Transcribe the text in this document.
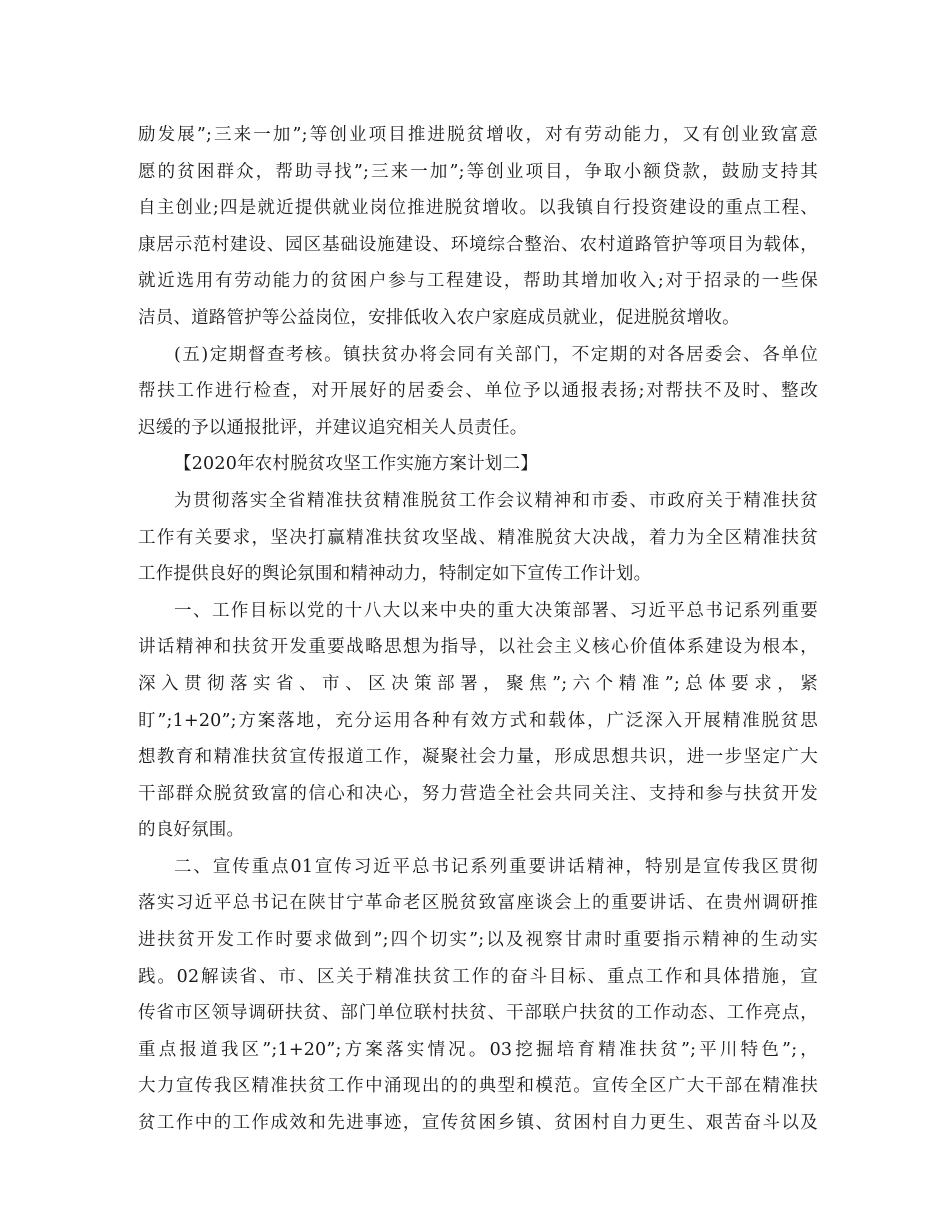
励发展”;三来一加”;等创业项目推进脱贫增收，对有劳动能力，又有创业致富意
愿的贫困群众，帮助寻找”;三来一加”;等创业项目，争取小额贷款，鼓励支持其
自主创业;四是就近提供就业岗位推进脱贫增收。以我镇自行投资建设的重点工程、
康居示范村建设、园区基础设施建设、环境综合整治、农村道路管护等项目为载体，
就近选用有劳动能力的贫困户参与工程建设，帮助其增加收入;对于招录的一些保
洁员、道路管护等公益岗位，安排低收入农户家庭成员就业，促进脱贫增收。
(五)定期督查考核。镇扶贫办将会同有关部门，不定期的对各居委会、各单位
帮扶工作进行检查，对开展好的居委会、单位予以通报表扬;对帮扶不及时、整改
迟缓的予以通报批评，并建议追究相关人员责任。
【2020年农村脱贫攻坚工作实施方案计划二】
为贯彻落实全省精准扶贫精准脱贫工作会议精神和市委、市政府关于精准扶贫
工作有关要求，坚决打赢精准扶贫攻坚战、精准脱贫大决战，着力为全区精准扶贫
工作提供良好的舆论氛围和精神动力，特制定如下宣传工作计划。
一、工作目标以党的十八大以来中央的重大决策部署、习近平总书记系列重要
讲话精神和扶贫开发重要战略思想为指导，以社会主义核心价值体系建设为根本，
深入贯彻落实省、市、区决策部署，聚焦”;六个精准”;总体要求，紧
盯”;1+20”;方案落地，充分运用各种有效方式和载体，广泛深入开展精准脱贫思
想教育和精准扶贫宣传报道工作，凝聚社会力量，形成思想共识，进一步坚定广大
干部群众脱贫致富的信心和决心，努力营造全社会共同关注、支持和参与扶贫开发
的良好氛围。
二、宣传重点01宣传习近平总书记系列重要讲话精神，特别是宣传我区贯彻
落实习近平总书记在陕甘宁革命老区脱贫致富座谈会上的重要讲话、在贵州调研推
进扶贫开发工作时要求做到”;四个切实”;以及视察甘肃时重要指示精神的生动实
践。02解读省、市、区关于精准扶贫工作的奋斗目标、重点工作和具体措施，宣
传省市区领导调研扶贫、部门单位联村扶贫、干部联户扶贫的工作动态、工作亮点，
重点报道我区”;1+20”;方案落实情况。03挖掘培育精准扶贫”;平川特色”;，
大力宣传我区精准扶贫工作中涌现出的的典型和模范。宣传全区广大干部在精准扶
贫工作中的工作成效和先进事迹，宣传贫困乡镇、贫困村自力更生、艰苦奋斗以及
